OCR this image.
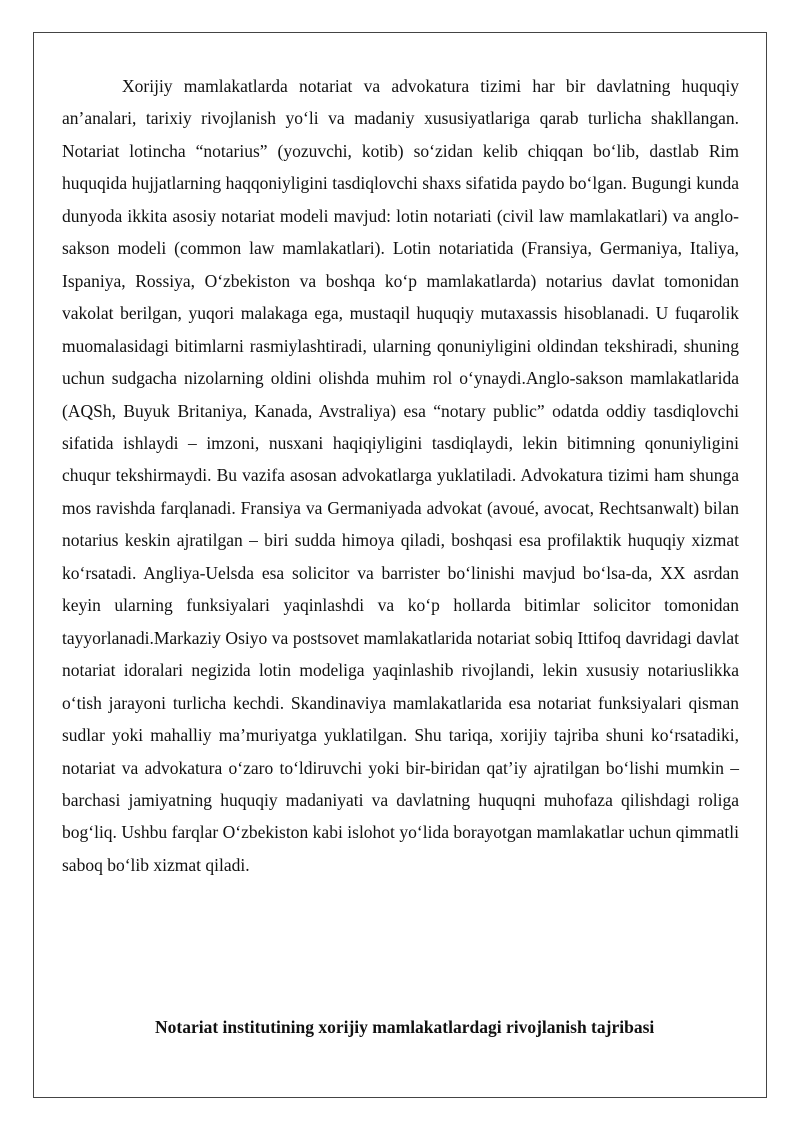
Xorijiy mamlakatlarda notariat va advokatura tizimi har bir davlatning huquqiy an’analari, tarixiy rivojlanish yo‘li va madaniy xususiyatlariga qarab turlicha shakllangan. Notariat lotincha “notarius” (yozuvchi, kotib) so‘zidan kelib chiqqan bo‘lib, dastlab Rim huquqida hujjatlarning haqqoniyligini tasdiqlovchi shaxs sifatida paydo bo‘lgan. Bugungi kunda dunyoda ikkita asosiy notariat modeli mavjud: lotin notariati (civil law mamlakatlari) va anglo-sakson modeli (common law mamlakatlari). Lotin notariatida (Fransiya, Germaniya, Italiya, Ispaniya, Rossiya, O‘zbekiston va boshqa ko‘p mamlakatlarda) notarius davlat tomonidan vakolat berilgan, yuqori malakaga ega, mustaqil huquqiy mutaxassis hisoblanadi. U fuqarolik muomalasidagi bitimlarni rasmiylashtiradi, ularning qonuniyligini oldindan tekshiradi, shuning uchun sudgacha nizolarning oldini olishda muhim rol o‘ynaydi.Anglo-sakson mamlakatlarida (AQSh, Buyuk Britaniya, Kanada, Avstraliya) esa “notary public” odatda oddiy tasdiqlovchi sifatida ishlaydi – imzoni, nusxani haqiqiyligini tasdiqlaydi, lekin bitimning qonuniyligini chuqur tekshirmaydi. Bu vazifa asosan advokatlarga yuklatiladi. Advokatura tizimi ham shunga mos ravishda farqlanadi. Fransiya va Germaniyada advokat (avoué, avocat, Rechtsanwalt) bilan notarius keskin ajratilgan – biri sudda himoya qiladi, boshqasi esa profilaktik huquqiy xizmat ko‘rsatadi. Angliya-Uelsda esa solicitor va barrister bo‘linishi mavjud bo‘lsa-da, XX asrdan keyin ularning funksiyalari yaqinlashdi va ko‘p hollarda bitimlar solicitor tomonidan tayyorlanadi.Markaziy Osiyo va postsovet mamlakatlarida notariat sobiq Ittifoq davridagi davlat notariat idoralari negizida lotin modeliga yaqinlashib rivojlandi, lekin xususiy notariuslikka o‘tish jarayoni turlicha kechdi. Skandinaviya mamlakatlarida esa notariat funksiyalari qisman sudlar yoki mahalliy ma’muriyatga yuklatilgan. Shu tariqa, xorijiy tajriba shuni ko‘rsatadiki, notariat va advokatura o‘zaro to‘ldiruvchi yoki bir-biridan qat’iy ajratilgan bo‘lishi mumkin – barchasi jamiyatning huquqiy madaniyati va davlatning huquqni muhofaza qilishdagi roliga bog‘liq. Ushbu farqlar O‘zbekiston kabi islohot yo‘lida borayotgan mamlakatlar uchun qimmatli saboq bo‘lib xizmat qiladi.

Notariat institutining xorijiy mamlakatlardagi rivojlanish tajribasi
